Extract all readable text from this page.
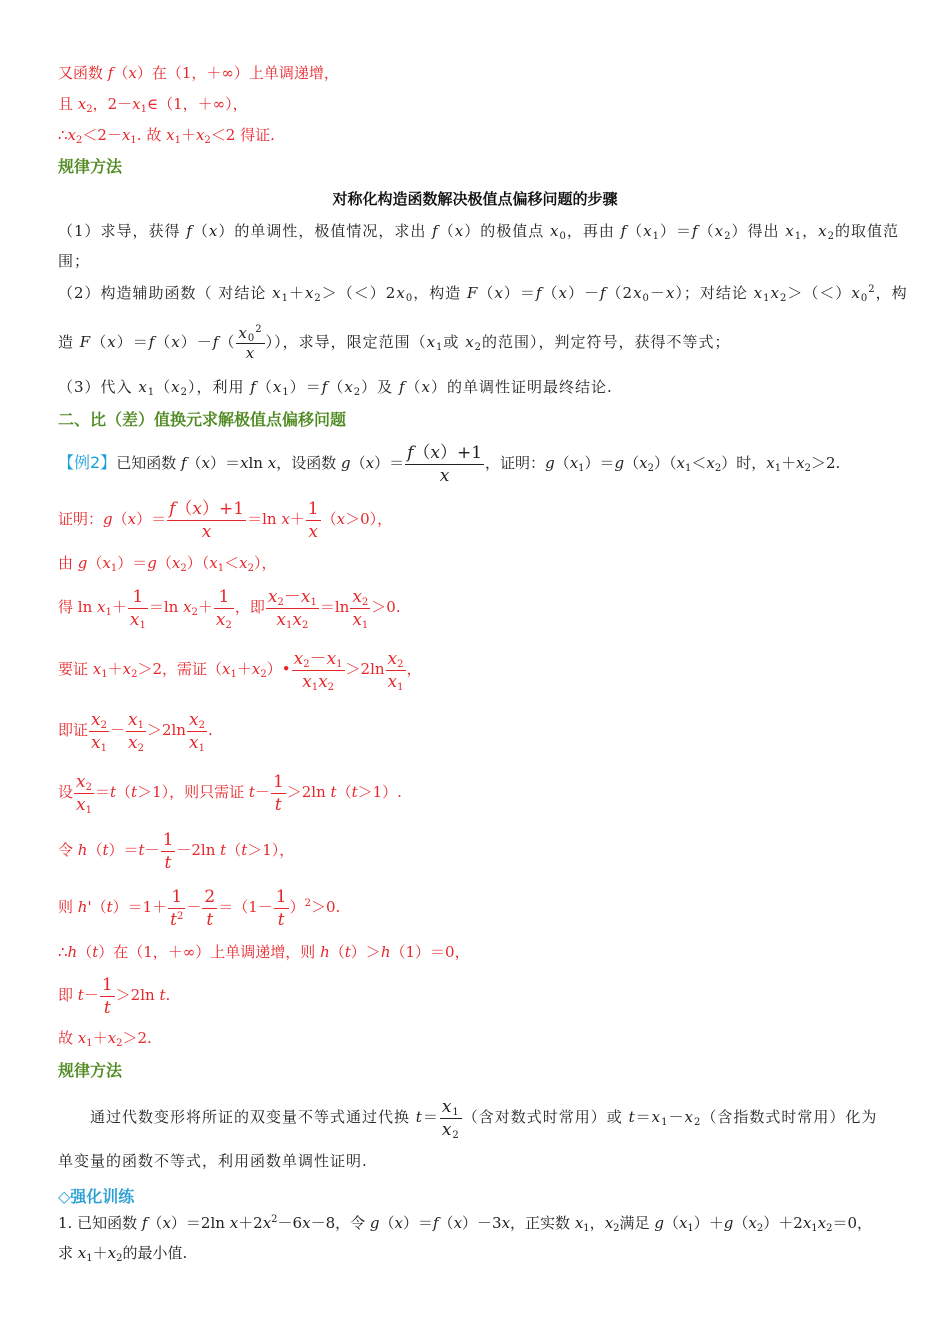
又函数 f（x）在（1，＋∞）上单调递增，
且 $x_2$，$2-x_1\in(1$，＋∞），
$\therefore x_2<2-x_1$. 故 $x_1+x_2<2$ 得证.
规律方法
对称化构造函数解决极值点偏移问题的步骤
（1）求导，获得 f（x）的单调性，极值情况，求出 f（x）的极值点 $x_0$，再由 $f(x_1)=f(x_2)$得出 $x_1$，$x_2$的取值范
围；
（2）构造辅助函数（ 对结论 $x_1+x_2>(<)2x_0$，构造 $F(x)=f(x)-f(2x_0-x)$；对结论 $x_1x_2>(<)x_0^2$，构
造 $F(x)=f(x)-f( \frac{x_0^2}{x}$ ）），求导，限定范围（$x_1$或 $x_2$的范围），判定符号，获得不等式；
（3）代入 $x_1(x_2)$，利用 $f(x_1)=f(x_2)$及 f（x）的单调性证明最终结论.
二、比（差）值换元求解极值点偏移问题
【例2】已知函数 f（x）＝xln x，设函数 $g(x)= \frac{f(x)+1}{x}$ ，证明：$g(x_1)=g(x_2)(x_1<x_2)$时，$x_1+x_2>2$.
证明：$g(x)= \frac{f(x)+1}{x} =\ln$ $x+ \frac{1}{x} (x>0)$，
由 $g(x_1)=g(x_2)(x_1<x_2)$，
得 $\ln x_1+ \frac{1}{x_1} =\ln$ $x_2+ \frac{1}{x_2}$ ，即 $\frac{x_2-x_1}{x_1x_2} =\ln \frac{x_2}{x_1} >0$.
要证 $x_1+x_2>2$，需证$(x_1+x_2)• \frac{x_2-x_1}{x_1x_2} >2\ln \frac{x_2}{x_1}$ ，
即证 $\frac{x_2}{x_1} - \frac{x_1}{x_2} >2\ln \frac{x_2}{x_1}$ .
设 $\frac{x_2}{x_1} =t(t>1)$，则只需证 $t- \frac{1}{t} >2\ln$ t（t＞1）.
令 $h(t)=t- \frac{1}{t} -2\ln$ t（t＞1），
则 $h'(t)=1+ \frac{1}{t^2} - \frac{2}{t} =(1- \frac{1}{t} )^2>0$.
∴h（t）在（1，＋∞）上单调递增，则 h（t）＞h（1）＝0，
即 $t- \frac{1}{t} >2\ln$ t.
故 $x_1+x_2>2$.
规律方法
通过代数变形将所证的双变量不等式通过代换 $t= \frac{x_1}{x_2}$ （含对数式时常用）或 $t=x_1-x_2$（含指数式时常用）化为
单变量的函数不等式，利用函数单调性证明.
◇强化训练
1. 已知函数 f（x）＝2ln $x+2x^2-6x-8$，令 g（x）＝f（x）－3x，正实数 $x_1$，$x_2$满足 $g(x_1)+g(x_2)+2x_1x_2=0$，
求 $x_1+x_2$的最小值.
